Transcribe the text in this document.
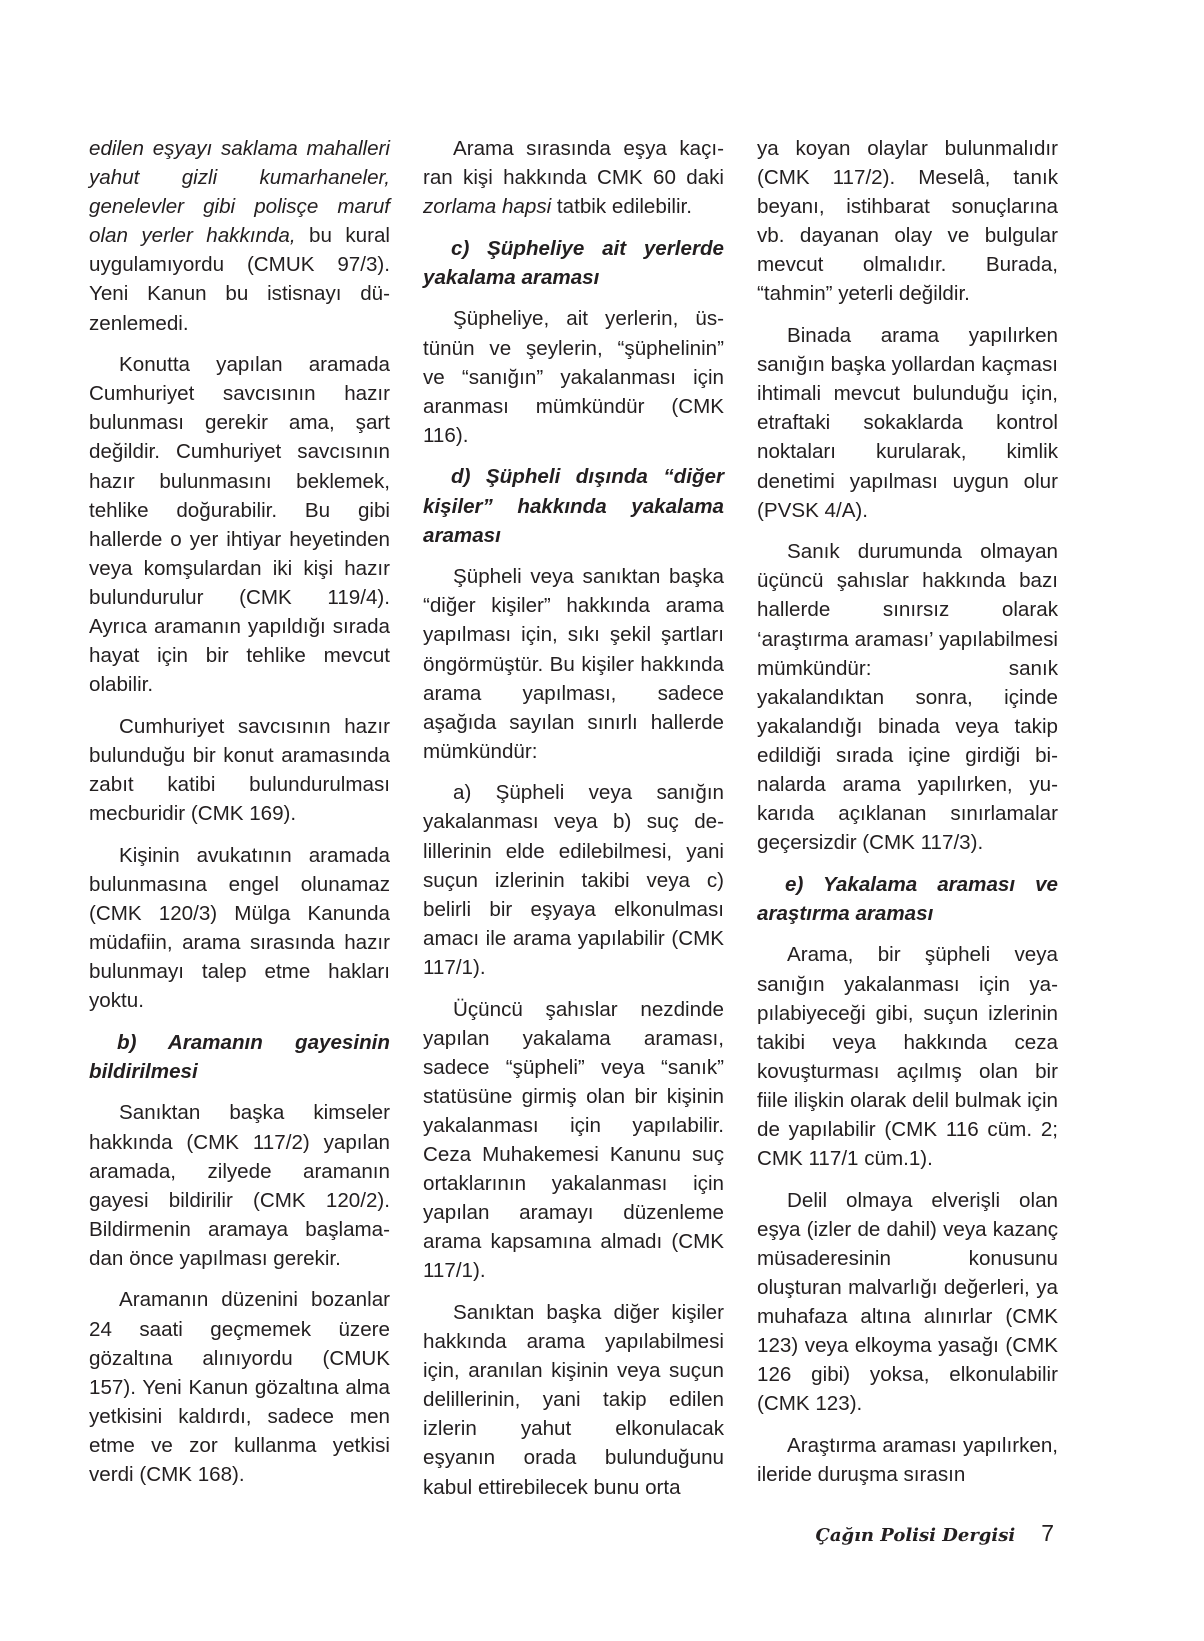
edilen eşyayı saklama mahalleri yahut gizli kumarhaneler, genelevler gibi polisçe maruf olan yerler hakkında, bu kural uygulamıyordu (CMUK 97/3). Yeni Kanun bu istisnayı düzenlemedi.

Konutta yapılan aramada Cumhuriyet savcısının hazır bulunması gerekir ama, şart değildir. Cumhuriyet savcısının hazır bulunmasını beklemek, tehlike doğurabilir. Bu gibi hallerde o yer ihtiyar heyetinden veya komşulardan iki kişi hazır bulundurulur (CMK 119/4). Ayrıca aramanın yapıldığı sırada hayat için bir tehlike mevcut olabilir.

Cumhuriyet savcısının hazır bulunduğu bir konut aramasında zabıt katibi bulundurulması mecburidir (CMK 169).

Kişinin avukatının aramada bulunmasına engel olunamaz (CMK 120/3) Mülga Kanunda müdafiin, arama sırasında hazır bulunmayı talep etme hakları yoktu.

b) Aramanın gayesinin bildirilmesi

Sanıktan başka kimseler hakkında (CMK 117/2) yapılan aramada, zilyede aramanın gayesi bildirilir (CMK 120/2). Bildirmenin aramaya başlamadan önce yapılması gerekir.

Aramanın düzenini bozanlar 24 saati geçmemek üzere gözaltına alınıyordu (CMUK 157). Yeni Kanun gözaltına alma yetkisini kaldırdı, sadece men etme ve zor kullanma yetkisi verdi (CMK 168).

Arama sırasında eşya kaçıran kişi hakkında CMK 60 daki zorlama hapsi tatbik edilebilir.

c) Şüpheliye ait yerlerde yakalama araması

Şüpheliye, ait yerlerin, üstünün ve şeylerin, “şüphelinin” ve “sanığın” yakalanması için aranması mümkündür (CMK 116).

d) Şüpheli dışında “diğer kişiler” hakkında yakalama araması

Şüpheli veya sanıktan başka “diğer kişiler” hakkında arama yapılması için, sıkı şekil şartları öngörmüştür. Bu kişiler hakkında arama yapılması, sadece aşağıda sayılan sınırlı hallerde mümkündür:

a) Şüpheli veya sanığın yakalanması veya b) suç delillerinin elde edilebilmesi, yani suçun izlerinin takibi veya c) belirli bir eşyaya elkonulması amacı ile arama yapılabilir (CMK 117/1).

Üçüncü şahıslar nezdinde yapılan yakalama araması, sadece “şüpheli” veya “sanık” statüsüne girmiş olan bir kişinin yakalanması için yapılabilir. Ceza Muhakemesi Kanunu suç ortaklarının yakalanması için yapılan aramayı düzenleme arama kapsamına almadı (CMK 117/1).

Sanıktan başka diğer kişiler hakkında arama yapılabilmesi için, aranılan kişinin veya suçun delillerinin, yani takip edilen izlerin yahut elkonulacak eşyanın orada bulunduğunu kabul ettirebilecek bunu orta

ya koyan olaylar bulunmalıdır (CMK 117/2). Meselâ, tanık beyanı, istihbarat sonuçlarına vb. dayanan olay ve bulgular mevcut olmalıdır. Burada, “tahmin” yeterli değildir.

Binada arama yapılırken sanığın başka yollardan kaçması ihtimali mevcut bulunduğu için, etraftaki sokaklarda kontrol noktaları kurularak, kimlik denetimi yapılması uygun olur (PVSK 4/A).

Sanık durumunda olmayan üçüncü şahıslar hakkında bazı hallerde sınırsız olarak ‘araştırma araması’ yapılabilmesi mümkündür: sanık yakalandıktan sonra, içinde yakalandığı binada veya takip edildiği sırada içine girdiği binalarda arama yapılırken, yukarıda açıklanan sınırlamalar geçersizdir (CMK 117/3).

e) Yakalama araması ve araştırma araması

Arama, bir şüpheli veya sanığın yakalanması için yapılabiyeceği gibi, suçun izlerinin takibi veya hakkında ceza kovuşturması açılmış olan bir fiile ilişkin olarak delil bulmak için de yapılabilir (CMK 116 cüm. 2; CMK 117/1 cüm.1).

Delil olmaya elverişli olan eşya (izler de dahil) veya kazanç müsaderesinin konusunu oluşturan malvarlığı değerleri, ya muhafaza altına alınırlar (CMK 123) veya elkoyma yasağı (CMK 126 gibi) yoksa, elkonulabilir (CMK 123).

Araştırma araması yapılırken, ileride duruşma sırasın

Çağın Polisi Dergisi 7
